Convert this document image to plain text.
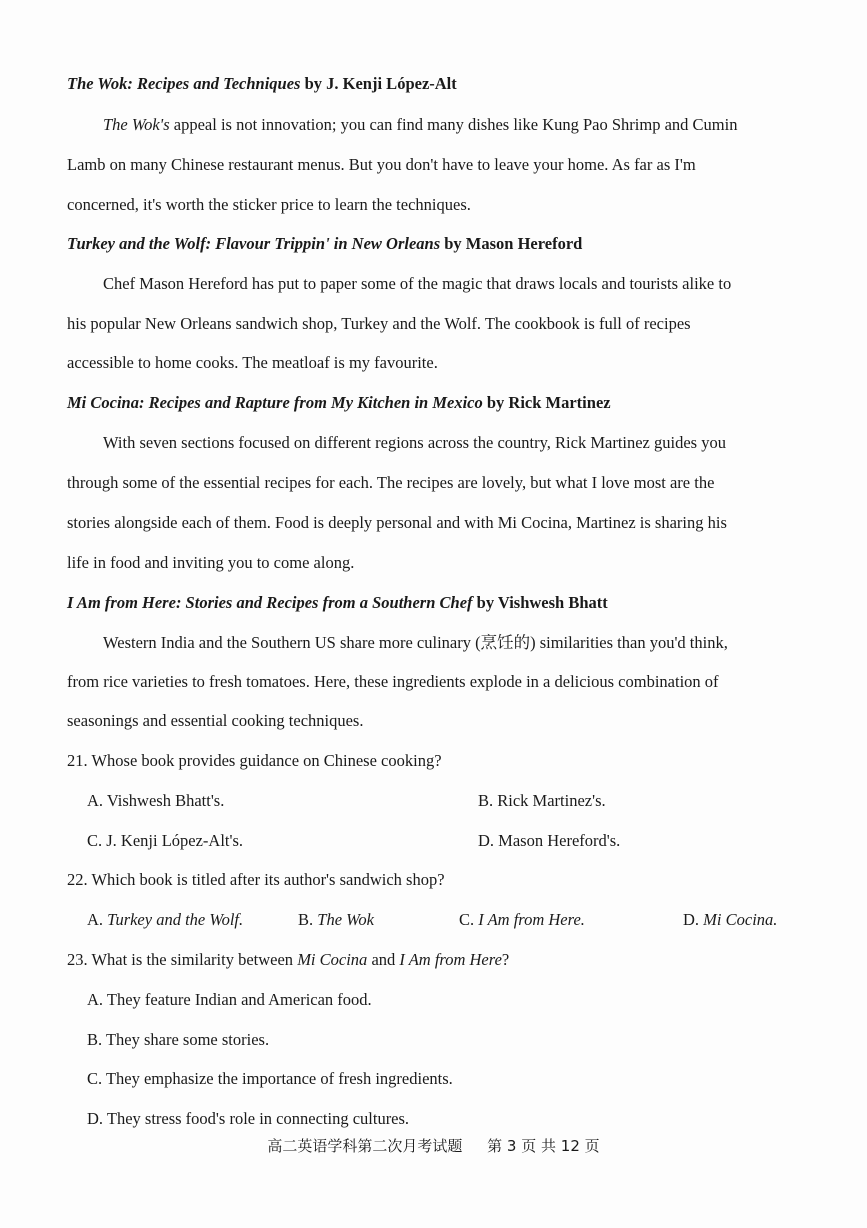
The Wok: Recipes and Techniques by J. Kenji López-Alt
The Wok's appeal is not innovation; you can find many dishes like Kung Pao Shrimp and Cumin
Lamb on many Chinese restaurant menus. But you don't have to leave your home. As far as I'm
concerned, it's worth the sticker price to learn the techniques.
Turkey and the Wolf: Flavour Trippin' in New Orleans by Mason Hereford
Chef Mason Hereford has put to paper some of the magic that draws locals and tourists alike to
his popular New Orleans sandwich shop, Turkey and the Wolf. The cookbook is full of recipes
accessible to home cooks. The meatloaf is my favourite.
Mi Cocina: Recipes and Rapture from My Kitchen in Mexico by Rick Martinez
With seven sections focused on different regions across the country, Rick Martinez guides you
through some of the essential recipes for each. The recipes are lovely, but what I love most are the
stories alongside each of them. Food is deeply personal and with Mi Cocina, Martinez is sharing his
life in food and inviting you to come along.
I Am from Here: Stories and Recipes from a Southern Chef by Vishwesh Bhatt
Western India and the Southern US share more culinary (烹饪的) similarities than you'd think,
from rice varieties to fresh tomatoes. Here, these ingredients explode in a delicious combination of
seasonings and essential cooking techniques.
21. Whose book provides guidance on Chinese cooking?
A. Vishwesh Bhatt's.	B. Rick Martinez's.
C. J. Kenji López-Alt's.	D. Mason Hereford's.
22. Which book is titled after its author's sandwich shop?
A. Turkey and the Wolf.	B. The Wok	C. I Am from Here.	D. Mi Cocina.
23. What is the similarity between Mi Cocina and I Am from Here?
A. They feature Indian and American food.
B. They share some stories.
C. They emphasize the importance of fresh ingredients.
D. They stress food's role in connecting cultures.
高二英语学科第二次月考试题 第 3 页 共 12 页
